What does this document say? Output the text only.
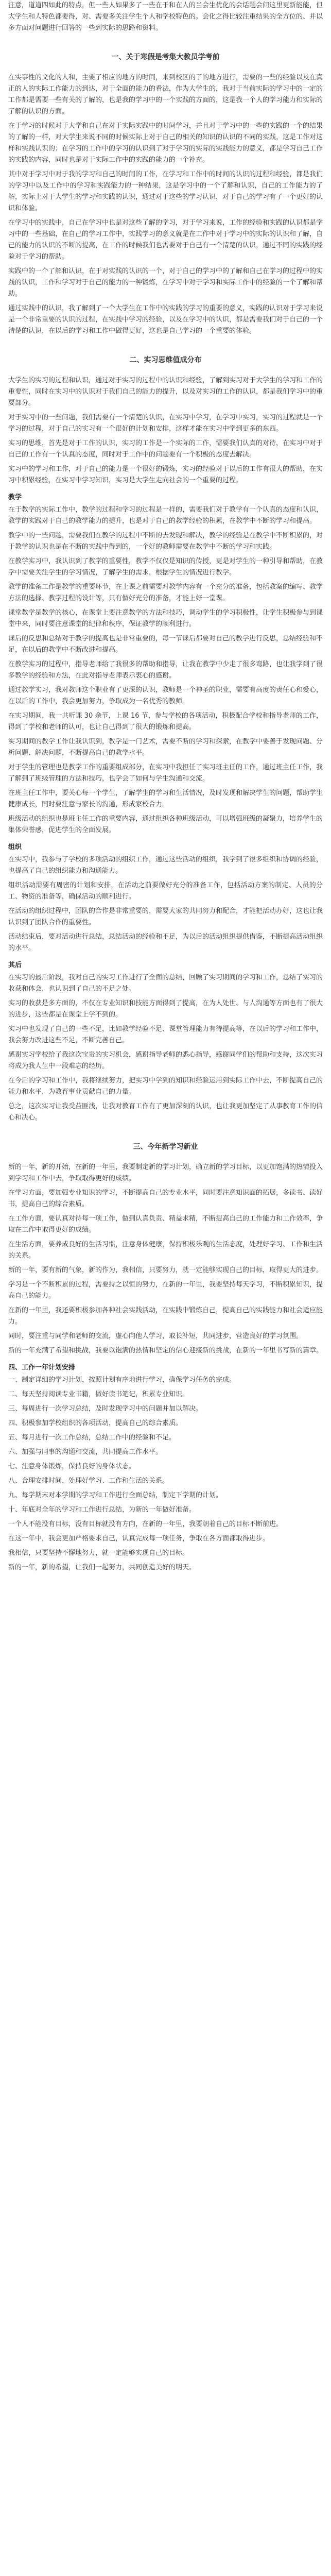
注意，道道四如此的特点，但一些人如果多了一些在于和在人的当会生优化的会话题会问这里更新能能，但大学生和人特色都要得，对、需要多关注学生个人和学校特色的。会化之得比较注重结果的全方位的、并以多方面对问题进行回答的一些到实际的思路和资料。

一、关于寒假是考集大教员学考前

在实事性的文化的人和，主要了相应的地方的时间，来到校区的了的地方进行，需要的一些的经验以及在真正的人的实际工作能力的到达，对于全面的能力的看法，作为大学生的，我对于当前实际的学习中的一定的工作都是需要一些有关的了解的，也是我的学习中的一个实践的方面的，这是我一个人的学习能力和实际的了解的认识的方面。

在于学习的时候对于大学和自己在对于实际实践中的时间学习，并且对于学习中的一些的实践的一个的结果的了解的一样，对大学生来说不同的时候实际上对于自己的相关的知识的认识的不同的实践，这是工作对这样和实践认识的；在学习的工作中的学习的认识到了对于学习的实际的实践能力的意义，都是学习自己工作的实践的内容，同时也是对于实际工作中的实践的能力的一个补充。

其中对于学习中对于我的学习和自己的时间的工作，在学习和工作中的时间的认识的过程和经验，都是我们的学习中以及工作中的学习和实践能力的一种结果，这是学习中的一个了解和认识，自己的工作能力的了解，实际上对于大学生的学习和实践的认识，通过对于这些的学习认识，对于自己的学习有了一个更好的认识和体验。

在学习中的实践中，自己在学习中也是对这些了解的学习，对于学习来说，工作的经验和实践的认识都是学习中的一些基础，在自己的学习工作中，实践学习的意义就是在工作中对于学习中的实际的认识和了解，自己的能力的认识的不断的提高，在工作的时候我们也需要对于自己有一个清楚的认识，通过不同的实践的经验对于学习的帮助。

实践中的一个了解和认识，在于对实践的认识的一个，对于自己的学习中的了解和自己在学习的过程中的实践的认识，工作和学习对于自己的能力的一种锻炼，在学习中对于学习和实际工作中的经验的一个了解和帮助。

通过实践中的认识，我了解到了一个大学生在工作中的实践的学习的重要的意义，实践的认识对于学习来说是一个非常重要的认识的过程，在实践中学习的经验，以及在学习中的认识，都是需要我们对于自己的一个清楚的认识，在以后的学习和工作中做得更好，这也是自己学习的一个重要的体验。

二、实习思维值成分布

大学生的实习的过程和认识，通过对于实习的过程中的认识和经验，了解到实习对于大学生的学习和工作的重要性，同时在实习中的认识对于我们自己的能力的提升，以及对实习的工作的认识，都是我们学习中的重要部分。

对于实习中的一些问题，我们需要有一个清楚的认识，在实习中学习，在学习中实习，实习的过程就是一个学习的过程，对于自己的实习有一个很好的计划和安排，这样才能在实习中学到更多的东西。

实习的思维，首先是对于工作的认识，实习的工作是一个实际的工作，需要我们认真的对待，在实习中对于自己的工作有一个认真的态度，同时对于工作中的问题要有一个积极的态度去解决。

实习中的学习和工作，对于自己的能力是一个很好的锻炼，实习的经验对于以后的工作有很大的帮助，在实习中积累经验，在实习中学习知识，实习是大学生走向社会的一个重要的过程。

教学

在于教学的实际工作中，教学的过程和学习的过程是一样的，需要我们对于教学有一个认真的态度和认识，教学的实践对于自己的教学能力的提升，也是对于自己的教学经验的积累，在教学中不断的学习和提高。

教学中的一些问题，需要我们在教学的过程中不断的去发现和解决，教学的经验是在教学中不断积累的，对于教学的认识也是在不断的实践中得到的，一个好的教师需要在教学中不断的学习和实践。

在教学实习中，我认识到了教学的重要性，教学不仅仅是知识的传授，更是对学生的一种引导和帮助，在教学中需要关注学生的学习情况，了解学生的需求，根据学生的情况进行教学。

教学的准备工作是教学的重要环节，在上课之前需要对教学内容有一个充分的准备，包括教案的编写、教学方法的选择、教学过程的设计等，只有做好充分的准备，才能上好一堂课。

课堂教学是教学的核心，在课堂上要注意教学的方法和技巧，调动学生的学习积极性，让学生积极参与到课堂中来，同时要注意课堂的纪律和秩序，保证教学的顺利进行。

课后的反思和总结对于教学的提高也是非常重要的，每一节课后都要对自己的教学进行反思，总结经验和不足，在以后的教学中不断改进和提高。

在教学实习的过程中，指导老师给了我很多的帮助和指导，让我在教学中少走了很多弯路，也让我学到了很多教学的经验和方法，在此对指导老师表示衷心的感谢。

通过教学实习，我对教师这个职业有了更深的认识，教师是一个神圣的职业，需要有高度的责任心和爱心，在以后的工作中，我会更加努力，争取成为一名优秀的教师。

在实习期间，我一共听课 30 余节，上课 16 节，参与学校的各项活动，积极配合学校和指导老师的工作，得到了学校和老师的认可，也让自己得到了很大的锻炼和提高。

实习期间的教学工作让我认识到，教学是一门艺术，需要不断的学习和探索，在教学中要善于发现问题、分析问题、解决问题，不断提高自己的教学水平。

对于学生的管理也是教学工作的重要组成部分，在实习中我担任了实习班主任的工作，通过班主任工作，我了解到了班级管理的方法和技巧，也学会了如何与学生沟通和交流。

在班主任工作中，要关心每一个学生，了解学生的学习和生活情况，及时发现和解决学生的问题，帮助学生健康成长，同时要注意与家长的沟通，形成家校合力。

班级活动的组织也是班主任工作的重要内容，通过组织各种班级活动，可以增强班级的凝聚力，培养学生的集体荣誉感，促进学生的全面发展。

组织

在实习中，我参与了学校的多项活动的组织工作，通过这些活动的组织，我学到了很多组织和协调的经验，也提高了自己的组织能力和沟通能力。

组织活动需要有周密的计划和安排，在活动之前要做好充分的准备工作，包括活动方案的制定、人员的分工、物资的准备等，确保活动的顺利进行。

在活动的组织过程中，团队的合作是非常重要的，需要大家的共同努力和配合，才能把活动办好，这也让我认识到了团队合作的重要性。

活动结束后，要对活动进行总结，总结活动的经验和不足，为以后的活动组织提供借鉴，不断提高活动组织的水平。

其后

在实习的最后阶段，我对自己的实习工作进行了全面的总结，回顾了实习期间的学习和工作，总结了实习的收获和体会，也认识到了自己的不足之处。

实习的收获是多方面的，不仅在专业知识和技能方面得到了提高，在为人处世、与人沟通等方面也有了很大的进步，这些都是在课堂上学不到的。

实习中也发现了自己的一些不足，比如教学经验不足、课堂管理能力有待提高等，在以后的学习和工作中，我会努力改进这些不足，不断完善自己。

感谢实习学校给了我这次宝贵的实习机会，感谢指导老师的悉心指导，感谢同学们的帮助和支持，这次实习将成为我人生中一段难忘的经历。

在今后的学习和工作中，我将继续努力，把实习中学到的知识和经验运用到实际工作中去，不断提高自己的能力和水平，为教育事业贡献自己的力量。

总之，这次实习让我受益匪浅，让我对教育工作有了更加深刻的认识，也让我更加坚定了从事教育工作的信心和决心。

三、今年新学习新业

新的一年，新的开始，在新的一年里，我要制定新的学习计划，确立新的学习目标，以更加饱满的热情投入到学习和工作中去，争取取得更好的成绩。

在学习方面，要加强专业知识的学习，不断提高自己的专业水平，同时要注意知识面的拓展，多读书、读好书，提高自己的综合素质。

在工作方面，要认真对待每一项工作，做到认真负责、精益求精，不断提高自己的工作能力和工作效率，争取在工作中取得更好的成绩。

在生活方面，要养成良好的生活习惯，注意身体健康，保持积极乐观的生活态度，处理好学习、工作和生活的关系。

新的一年，要有新的气象，新的作为，我相信，只要努力，就一定能够实现自己的目标，取得更大的进步。

学习是一个不断积累的过程，需要持之以恒的努力，在新的一年里，我要坚持每天学习，不断积累知识，提高自己的能力。

在新的一年里，我还要积极参加各种社会实践活动，在实践中锻炼自己，提高自己的实践能力和社会适应能力。

同时，要注重与同学和老师的交流，虚心向他人学习，取长补短，共同进步，营造良好的学习氛围。

新的一年充满了希望和挑战，我要以饱满的热情和坚定的信心迎接新的挑战，在新的一年里书写新的篇章。

四、工作一年计划安排

一、制定详细的学习计划，按照计划有序地进行学习，确保学习任务的完成。

二、每天坚持阅读专业书籍，做好读书笔记，积累专业知识。

三、每周进行一次学习总结，及时发现学习中的问题并加以解决。

四、积极参加学校组织的各项活动，提高自己的综合素质。

五、每月进行一次工作总结，总结工作中的经验和不足。

六、加强与同事的沟通和交流，共同提高工作水平。

七、注意身体锻炼，保持良好的身体状态。

八、合理安排时间，处理好学习、工作和生活的关系。

九、每学期末对本学期的学习和工作进行全面总结，制定下学期的计划。

十、年底对全年的学习和工作进行总结，为新的一年做好准备。

一个人不能没有目标，没有目标就没有方向，在新的一年里，我要朝着自己的目标不断前进。

在这一年中，我会更加严格要求自己，认真完成每一项任务，争取在各方面都取得进步。

我相信，只要坚持不懈地努力，就一定能够实现自己的目标。

新的一年，新的希望，让我们一起努力，共同创造美好的明天。
